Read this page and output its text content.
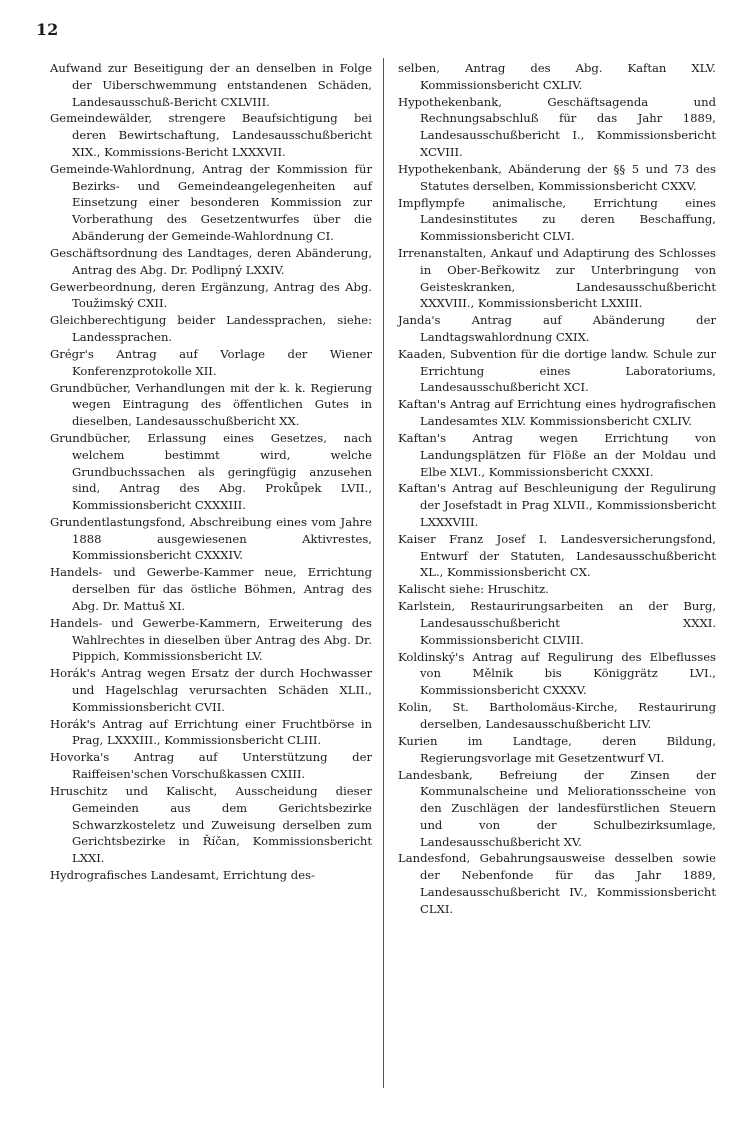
12

Aufwand zur Beseitigung der an denselben in Folge der Uiberschwemmung entstandenen Schäden, Landesausschuß-Bericht CXLVIII.

Gemeindewälder, strengere Beaufsichtigung bei deren Bewirtschaftung, Landesausschußbericht XIX., Kommissions-Bericht LXXXVII.

Gemeinde-Wahlordnung, Antrag der Kommission für Bezirks- und Gemeindeangelegenheiten auf Einsetzung einer besonderen Kommission zur Vorberathung des Gesetzentwurfes über die Abänderung der Gemeinde-Wahlordnung CI.

Geschäftsordnung des Landtages, deren Abänderung, Antrag des Abg. Dr. Podlipný LXXIV.

Gewerbeordnung, deren Ergänzung, Antrag des Abg. Toužimský CXII.

Gleichberechtigung beider Landessprachen, siehe: Landessprachen.

Grégr's Antrag auf Vorlage der Wiener Konferenzprotokolle XII.

Grundbücher, Verhandlungen mit der k. k. Regierung wegen Eintragung des öffentlichen Gutes in dieselben, Landesausschußbericht XX.

Grundbücher, Erlassung eines Gesetzes, nach welchem bestimmt wird, welche Grundbuchssachen als geringfügig anzusehen sind, Antrag des Abg. Prokůpek LVII., Kommissionsbericht CXXXIII.

Grundentlastungsfond, Abschreibung eines vom Jahre 1888 ausgewiesenen Aktivrestes, Kommissionsbericht CXXXIV.

Handels- und Gewerbe-Kammer neue, Errichtung derselben für das östliche Böhmen, Antrag des Abg. Dr. Mattuš XI.

Handels- und Gewerbe-Kammern, Erweiterung des Wahlrechtes in dieselben über Antrag des Abg. Dr. Pippich, Kommissionsbericht LV.

Horák's Antrag wegen Ersatz der durch Hochwasser und Hagelschlag verursachten Schäden XLII., Kommissionsbericht CVII.

Horák's Antrag auf Errichtung einer Fruchtbörse in Prag, LXXXIII., Kommissionsbericht CLIII.

Hovorka's Antrag auf Unterstützung der Raiffeisen'schen Vorschußkassen CXIII.

Hruschitz und Kalischt, Ausscheidung dieser Gemeinden aus dem Gerichtsbezirke Schwarzkosteletz und Zuweisung derselben zum Gerichtsbezirke in Říčan, Kommissionsbericht LXXI.

Hydrografisches Landesamt, Errichtung des-

selben, Antrag des Abg. Kaftan XLV. Kommissionsbericht CXLIV.

Hypothekenbank, Geschäftsagenda und Rechnungsabschluß für das Jahr 1889, Landesausschußbericht I., Kommissionsbericht XCVIII.

Hypothekenbank, Abänderung der §§ 5 und 73 des Statutes derselben, Kommissionsbericht CXXV.

Impflympfe animalische, Errichtung eines Landesinstitutes zu deren Beschaffung, Kommissionsbericht CLVI.

Irrenanstalten, Ankauf und Adaptirung des Schlosses in Ober-Beřkowitz zur Unterbringung von Geisteskranken, Landesausschußbericht XXXVIII., Kommissionsbericht LXXIII.

Janda's Antrag auf Abänderung der Landtagswahlordnung CXIX.

Kaaden, Subvention für die dortige landw. Schule zur Errichtung eines Laboratoriums, Landesausschußbericht XCI.

Kaftan's Antrag auf Errichtung eines hydrografischen Landesamtes XLV. Kommissionsbericht CXLIV.

Kaftan's Antrag wegen Errichtung von Landungsplätzen für Flöße an der Moldau und Elbe XLVI., Kommissionsbericht CXXXI.

Kaftan's Antrag auf Beschleunigung der Regulirung der Josefstadt in Prag XLVII., Kommissionsbericht LXXXVIII.

Kaiser Franz Josef I. Landesversicherungsfond, Entwurf der Statuten, Landesausschußbericht XL., Kommissionsbericht CX.

Kalischt siehe: Hruschitz.

Karlstein, Restaurirungsarbeiten an der Burg, Landesausschußbericht XXXI. Kommissionsbericht CLVIII.

Koldinský's Antrag auf Regulirung des Elbeflusses von Mělnik bis Königgrätz LVI., Kommissionsbericht CXXXV.

Kolin, St. Bartholomäus-Kirche, Restaurirung derselben, Landesausschußbericht LIV.

Kurien im Landtage, deren Bildung, Regierungsvorlage mit Gesetzentwurf VI.

Landesbank, Befreiung der Zinsen der Kommunalscheine und Meliorationsscheine von den Zuschlägen der landesfürstlichen Steuern und von der Schulbezirksumlage, Landesausschußbericht XV.

Landesfond, Gebahrungsausweise desselben sowie der Nebenfonde für das Jahr 1889, Landesausschußbericht IV., Kommissionsbericht CLXI.
